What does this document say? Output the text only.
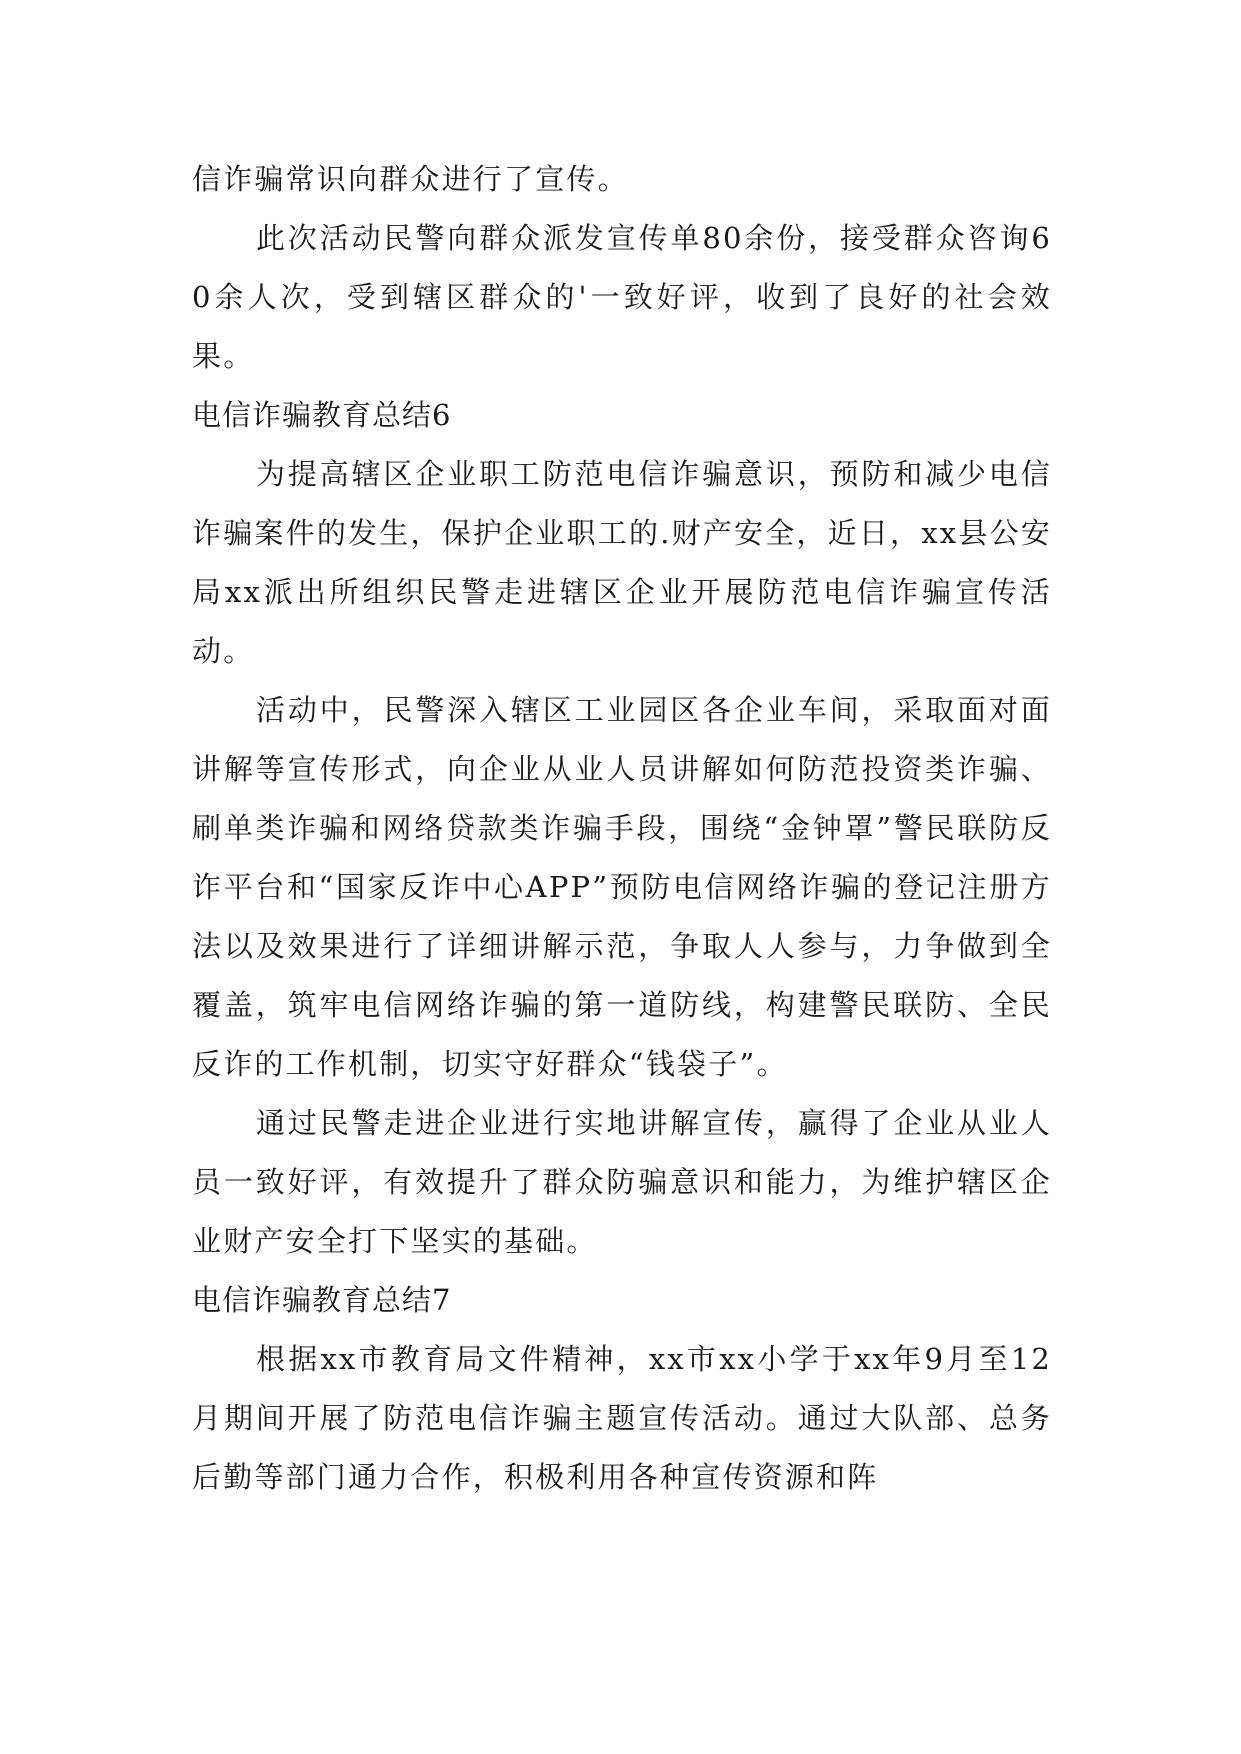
信诈骗常识向群众进行了宣传。

此次活动民警向群众派发宣传单80余份，接受群众咨询60余人次，受到辖区群众的'一致好评，收到了良好的社会效果。

电信诈骗教育总结6

为提高辖区企业职工防范电信诈骗意识，预防和减少电信诈骗案件的发生，保护企业职工的.财产安全，近日，xx县公安局xx派出所组织民警走进辖区企业开展防范电信诈骗宣传活动。

活动中，民警深入辖区工业园区各企业车间，采取面对面讲解等宣传形式，向企业从业人员讲解如何防范投资类诈骗、刷单类诈骗和网络贷款类诈骗手段，围绕“金钟罩”警民联防反诈平台和“国家反诈中心APP”预防电信网络诈骗的登记注册方法以及效果进行了详细讲解示范，争取人人参与，力争做到全覆盖，筑牢电信网络诈骗的第一道防线，构建警民联防、全民反诈的工作机制，切实守好群众“钱袋子”。

通过民警走进企业进行实地讲解宣传，赢得了企业从业人员一致好评，有效提升了群众防骗意识和能力，为维护辖区企业财产安全打下坚实的基础。

电信诈骗教育总结7

根据xx市教育局文件精神，xx市xx小学于xx年9月至12月期间开展了防范电信诈骗主题宣传活动。通过大队部、总务后勤等部门通力合作，积极利用各种宣传资源和阵
